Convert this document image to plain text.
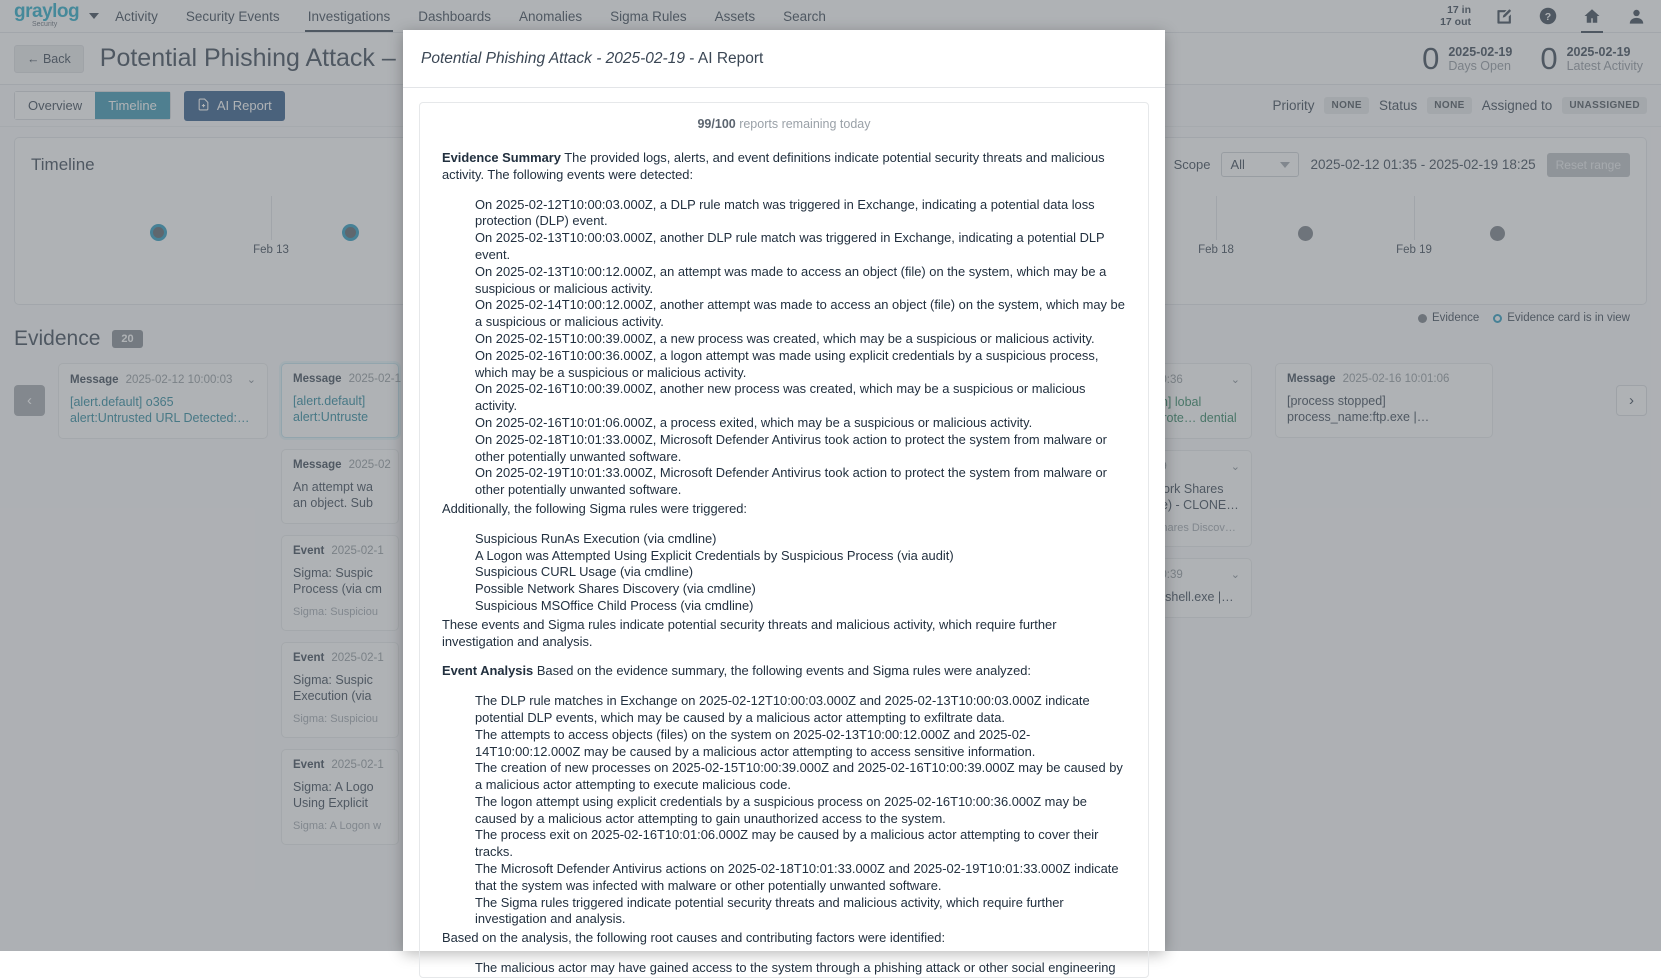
Potential Phishing Attack - 2025-02-19 - AI Report
99/100 reports remaining today

Evidence Summary The provided logs, alerts, and event definitions indicate potential security threats and malicious activity. The following events were detected:

On 2025-02-12T10:00:03.000Z, a DLP rule match was triggered in Exchange, indicating a potential data loss protection (DLP) event.
On 2025-02-13T10:00:03.000Z, another DLP rule match was triggered in Exchange, indicating a potential DLP event.
On 2025-02-13T10:00:12.000Z, an attempt was made to access an object (file) on the system, which may be a suspicious or malicious activity.
On 2025-02-14T10:00:12.000Z, another attempt was made to access an object (file) on the system, which may be a suspicious or malicious activity.
On 2025-02-15T10:00:39.000Z, a new process was created, which may be a suspicious or malicious activity.
On 2025-02-16T10:00:36.000Z, a logon attempt was made using explicit credentials by a suspicious process, which may be a suspicious or malicious activity.
On 2025-02-16T10:00:39.000Z, another new process was created, which may be a suspicious or malicious activity.
On 2025-02-16T10:01:06.000Z, a process exited, which may be a suspicious or malicious activity.
On 2025-02-18T10:01:33.000Z, Microsoft Defender Antivirus took action to protect the system from malware or other potentially unwanted software.
On 2025-02-19T10:01:33.000Z, Microsoft Defender Antivirus took action to protect the system from malware or other potentially unwanted software.

Additionally, the following Sigma rules were triggered:

Suspicious RunAs Execution (via cmdline)
A Logon was Attempted Using Explicit Credentials by Suspicious Process (via audit)
Suspicious CURL Usage (via cmdline)
Possible Network Shares Discovery (via cmdline)
Suspicious MSOffice Child Process (via cmdline)

These events and Sigma rules indicate potential security threats and malicious activity, which require further investigation and analysis.

Event Analysis Based on the evidence summary, the following events and Sigma rules were analyzed:

The DLP rule matches in Exchange on 2025-02-12T10:00:03.000Z and 2025-02-13T10:00:03.000Z indicate potential DLP events, which may be caused by a malicious actor attempting to exfiltrate data.
The attempts to access objects (files) on the system on 2025-02-13T10:00:12.000Z and 2025-02-14T10:00:12.000Z may be caused by a malicious actor attempting to access sensitive information.
The creation of new processes on 2025-02-15T10:00:39.000Z and 2025-02-16T10:00:39.000Z may be caused by a malicious actor attempting to execute malicious code.
The logon attempt using explicit credentials by a suspicious process on 2025-02-16T10:00:36.000Z may be caused by a malicious actor attempting to gain unauthorized access to the system.
The process exit on 2025-02-16T10:01:06.000Z may be caused by a malicious actor attempting to cover their tracks.
The Microsoft Defender Antivirus actions on 2025-02-18T10:01:33.000Z and 2025-02-19T10:01:33.000Z indicate that the system was infected with malware or other potentially unwanted software.
The Sigma rules triggered indicate potential security threats and malicious activity, which require further investigation and analysis.

Based on the analysis, the following root causes and contributing factors were identified:

The malicious actor may have gained access to the system through a phishing attack or other social engineering
